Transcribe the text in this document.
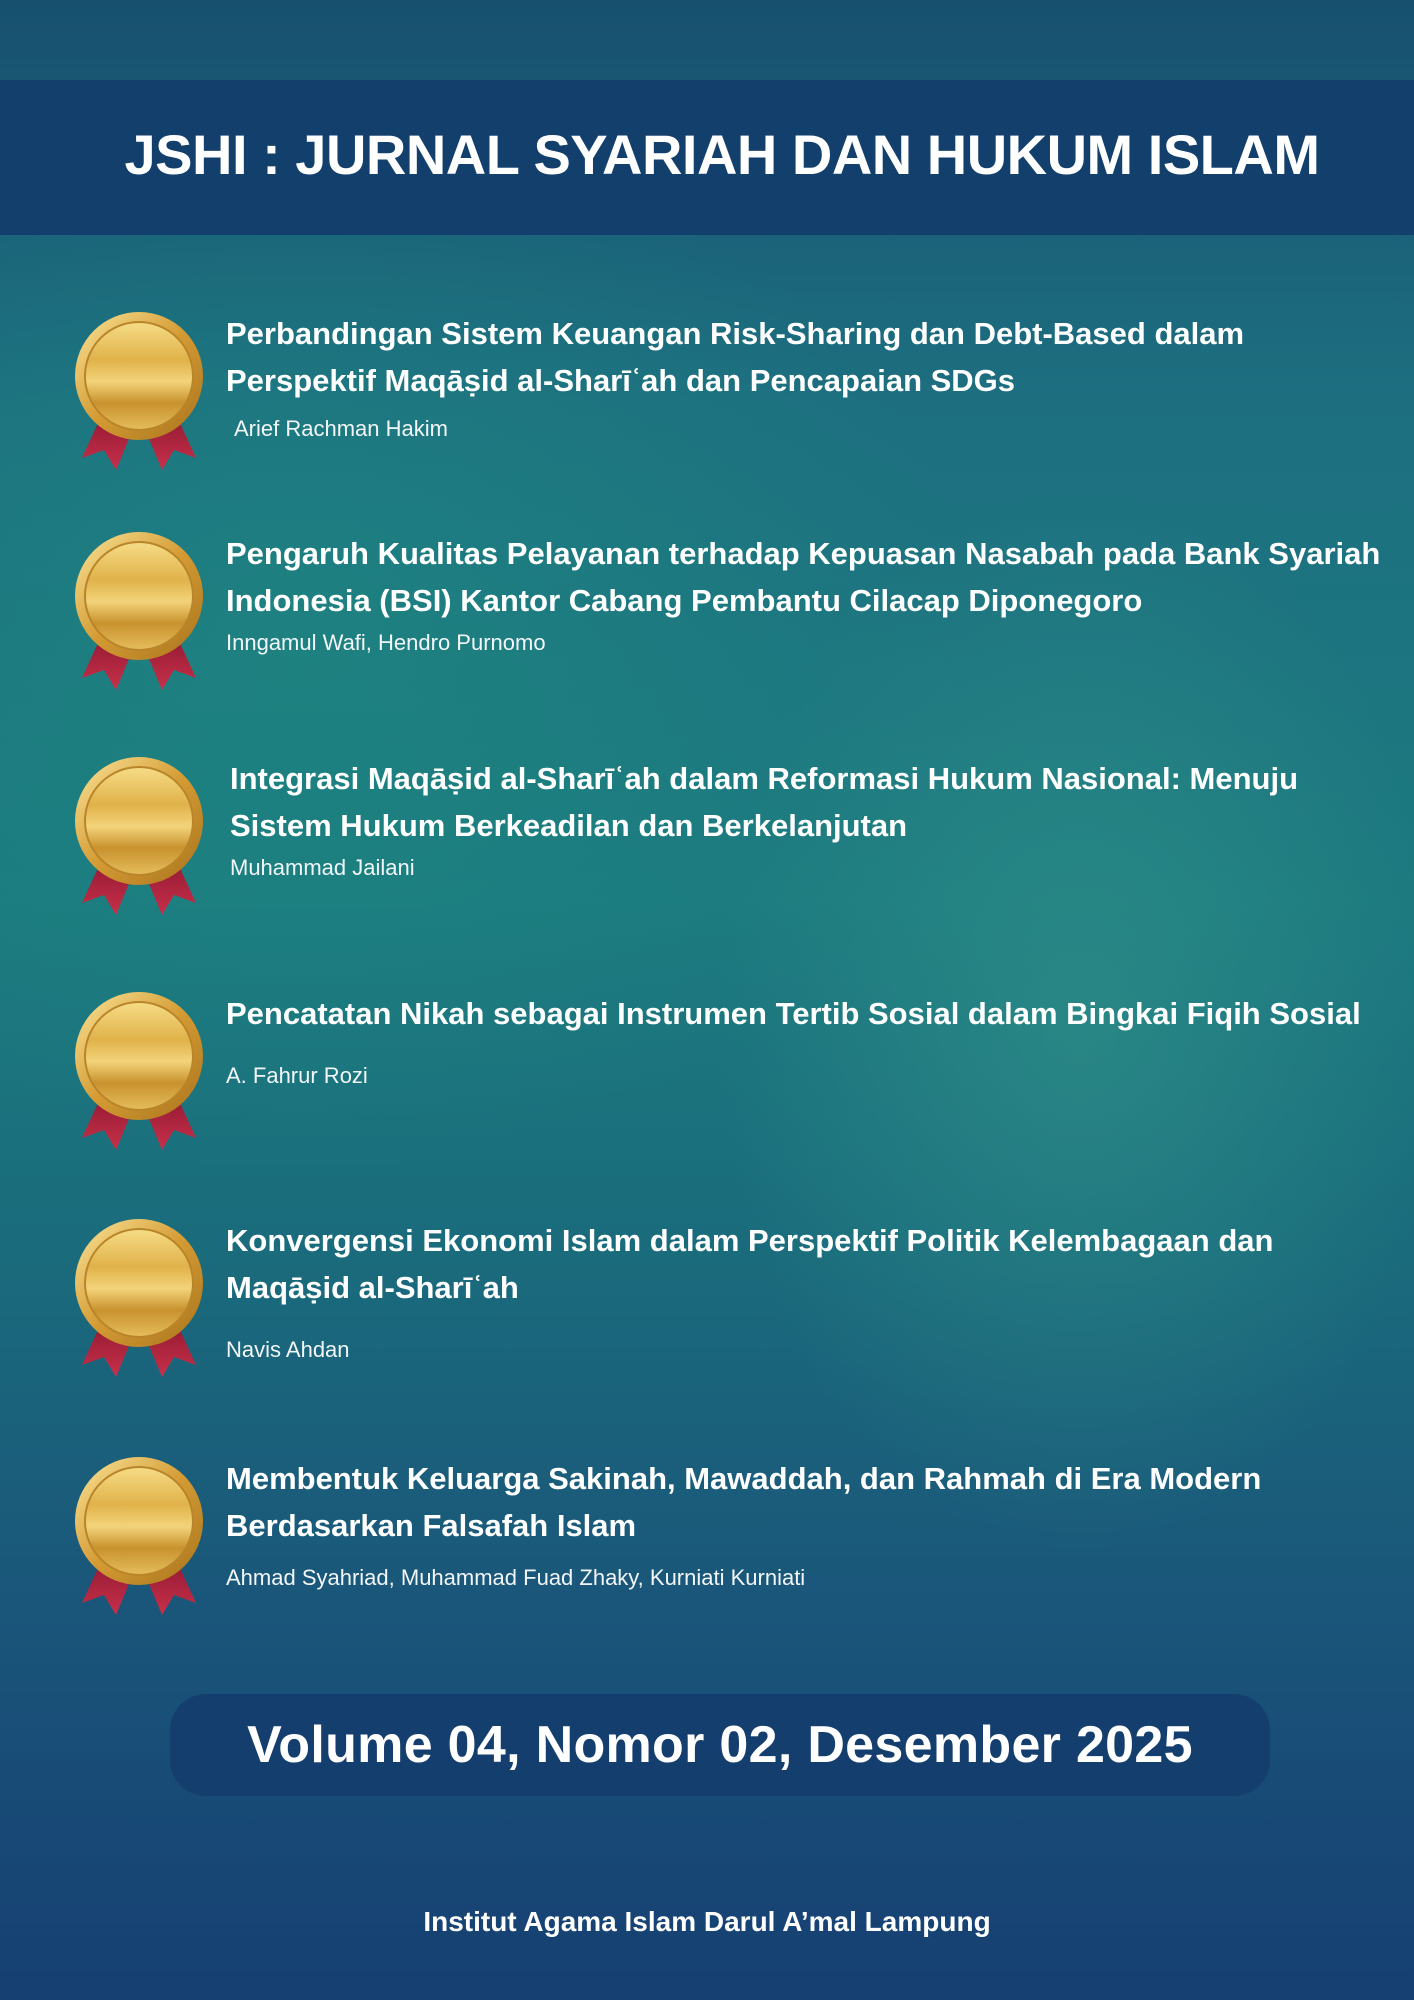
JSHI : JURNAL SYARIAH DAN HUKUM ISLAM

Perbandingan Sistem Keuangan Risk-Sharing dan Debt-Based dalam Perspektif Maqāṣid al-Sharīʿah dan Pencapaian SDGs

Arief Rachman Hakim

Pengaruh Kualitas Pelayanan terhadap Kepuasan Nasabah pada Bank Syariah Indonesia (BSI) Kantor Cabang Pembantu Cilacap Diponegoro

Inngamul Wafi, Hendro Purnomo

Integrasi Maqāṣid al-Sharīʿah dalam Reformasi Hukum Nasional: Menuju Sistem Hukum Berkeadilan dan Berkelanjutan

Muhammad Jailani

Pencatatan Nikah sebagai Instrumen Tertib Sosial dalam Bingkai Fiqih Sosial

A. Fahrur Rozi

Konvergensi Ekonomi Islam dalam Perspektif Politik Kelembagaan dan Maqāṣid al-Sharīʿah

Navis Ahdan

Membentuk Keluarga Sakinah, Mawaddah, dan Rahmah di Era Modern Berdasarkan Falsafah Islam

Ahmad Syahriad, Muhammad Fuad Zhaky, Kurniati Kurniati
Volume 04, Nomor 02, Desember 2025
Institut Agama Islam Darul A’mal Lampung
